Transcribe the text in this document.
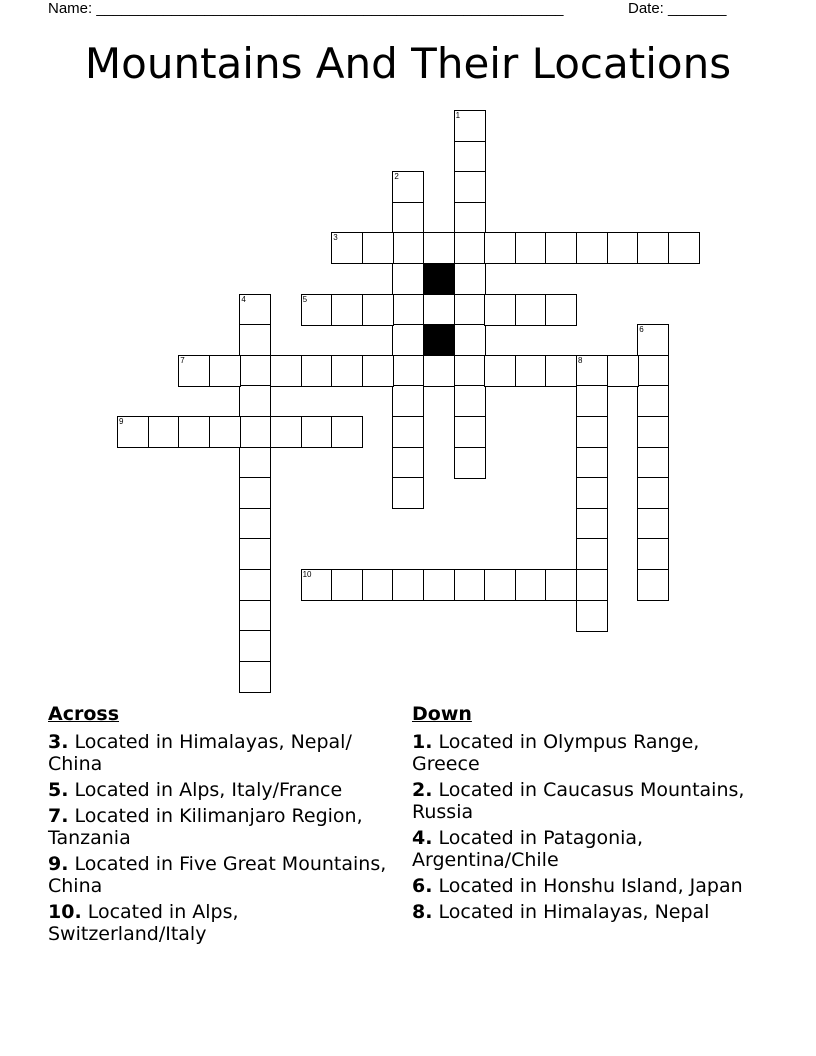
Name: ________________________________________________________	Date: _______
Mountains And Their Locations
1
2
3
4	5
6
7	8
9
10
Across
3. Located in Himalayas, Nepal/ China
5. Located in Alps, Italy/France
7. Located in Kilimanjaro Region, Tanzania
9. Located in Five Great Mountains, China
10. Located in Alps, Switzerland/Italy
Down
1. Located in Olympus Range, Greece
2. Located in Caucasus Mountains, Russia
4. Located in Patagonia, Argentina/Chile
6. Located in Honshu Island, Japan
8. Located in Himalayas, Nepal
